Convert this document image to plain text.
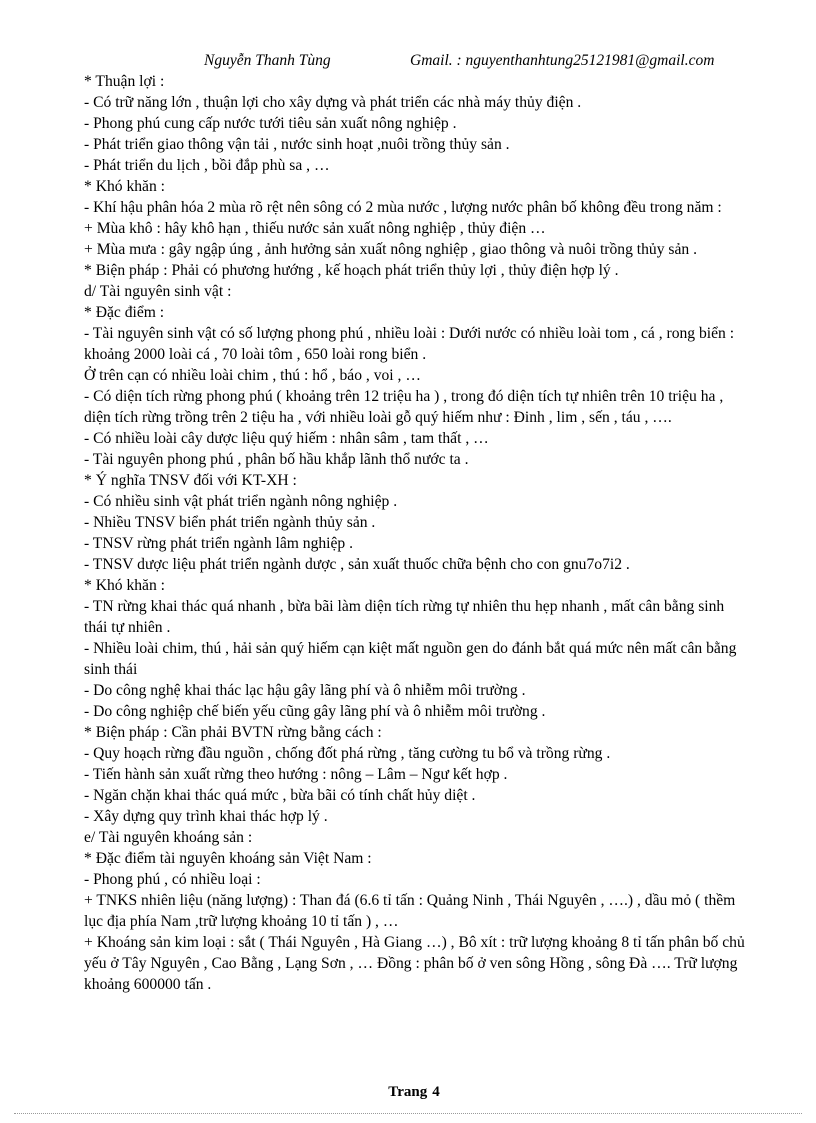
Nguyễn Thanh Tùng	Gmail. : nguyenthanhtung25121981@gmail.com

* Thuận lợi :

- Có trữ năng lớn , thuận lợi cho xây dựng và phát triển các nhà máy thủy điện .

- Phong phú cung cấp nước tưới tiêu sản xuất nông nghiệp .

- Phát triển giao thông vận tải , nước sinh hoạt ,nuôi trồng thủy sản .

- Phát triển du lịch , bồi đắp phù sa , …

* Khó khăn :

- Khí hậu phân hóa 2 mùa rõ rệt nên sông có 2 mùa nước , lượng nước phân bố không đều trong năm :

+ Mùa khô : hây khô hạn , thiếu nước sản xuất nông nghiệp , thủy điện …

+ Mùa mưa : gây ngập úng , ảnh hưởng sản xuất nông nghiệp , giao thông và nuôi trồng thủy sản .

* Biện pháp : Phải có phương hướng , kế hoạch phát triển thủy lợi , thủy điện hợp lý .

d/ Tài nguyên sinh vật :

* Đặc điểm :

- Tài nguyên sinh vật có số lượng phong phú , nhiều loài : Dưới nước có nhiều loài tom , cá , rong biển : khoảng 2000 loài cá , 70 loài tôm , 650 loài rong biển .

Ở trên cạn có nhiều loài chim , thú : hổ , báo , voi , …

- Có diện tích rừng phong phú ( khoảng trên 12 triệu ha ) , trong đó diện tích tự nhiên trên 10 triệu ha , diện tích rừng trồng trên 2 tiệu ha , với nhiều loài gỗ quý hiếm như : Đinh , lim , sến , táu , ….

- Có nhiều loài cây dược liệu quý hiếm : nhân sâm , tam thất , …

- Tài nguyên phong phú , phân bố hầu khắp lãnh thổ nước ta .

* Ý nghĩa TNSV đối với KT-XH :

- Có nhiều sinh vật phát triển ngành nông nghiệp .

- Nhiều TNSV biển phát triển ngành thủy sản .

- TNSV rừng phát triển ngành lâm nghiệp .

- TNSV dược liệu phát triển ngành dược , sản xuất thuốc chữa bệnh cho con gnu7o7i2 .

* Khó khăn :

- TN rừng khai thác quá nhanh , bừa bãi làm diện tích rừng tự nhiên thu hẹp nhanh , mất cân bằng sinh thái tự nhiên .

- Nhiều loài chim, thú , hải sản quý hiếm cạn kiệt mất nguồn gen do đánh bắt quá mức nên mất cân bằng sinh thái

- Do công nghệ khai thác lạc hậu gây lãng phí và ô nhiễm môi trường .

- Do công nghiệp chế biến yếu cũng gây lãng phí và ô nhiễm môi trường .

* Biện pháp : Cần phải BVTN rừng bằng cách :

- Quy hoạch rừng đầu nguồn , chống đốt phá rừng , tăng cường tu bổ và trồng rừng .

- Tiến hành sản xuất rừng theo hướng : nông – Lâm – Ngư kết hợp .

- Ngăn chặn khai thác quá mức , bừa bãi có tính chất hủy diệt .

- Xây dựng quy trình khai thác hợp lý .

e/ Tài nguyên khoáng sản :

* Đặc điểm tài nguyên khoáng sản Việt Nam :

- Phong phú , có nhiều loại :

+ TNKS nhiên liệu (năng lượng) : Than đá (6.6 tỉ tấn : Quảng Ninh , Thái Nguyên , ….) , dầu mỏ ( thềm lục địa phía Nam ,trữ lượng khoảng 10 tỉ tấn ) , …

+ Khoáng sản kim loại : sắt ( Thái Nguyên , Hà Giang …) , Bô xít : trữ lượng khoảng 8 tỉ tấn phân bố chủ yếu ở Tây Nguyên , Cao Bằng , Lạng Sơn , … Đồng : phân bố ở ven sông Hồng , sông Đà …. Trữ lượng khoảng 600000 tấn .

Trang 4
